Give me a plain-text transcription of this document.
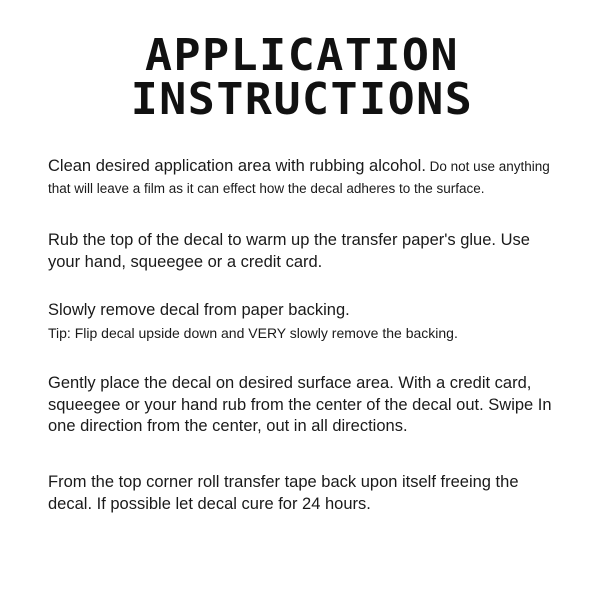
APPLICATION INSTRUCTIONS

Clean desired application area with rubbing alcohol. Do not use anything that will leave a film as it can effect how the decal adheres to the surface.

Rub the top of the decal to warm up the transfer paper's glue. Use your hand, squeegee or a credit card.

Slowly remove decal from paper backing.
Tip: Flip decal upside down and VERY slowly remove the backing.

Gently place the decal on desired surface area. With a credit card, squeegee or your hand rub from the center of the decal out. Swipe In one direction from the center, out in all directions.

From the top corner roll transfer tape back upon itself freeing the decal. If possible let decal cure for 24 hours.
